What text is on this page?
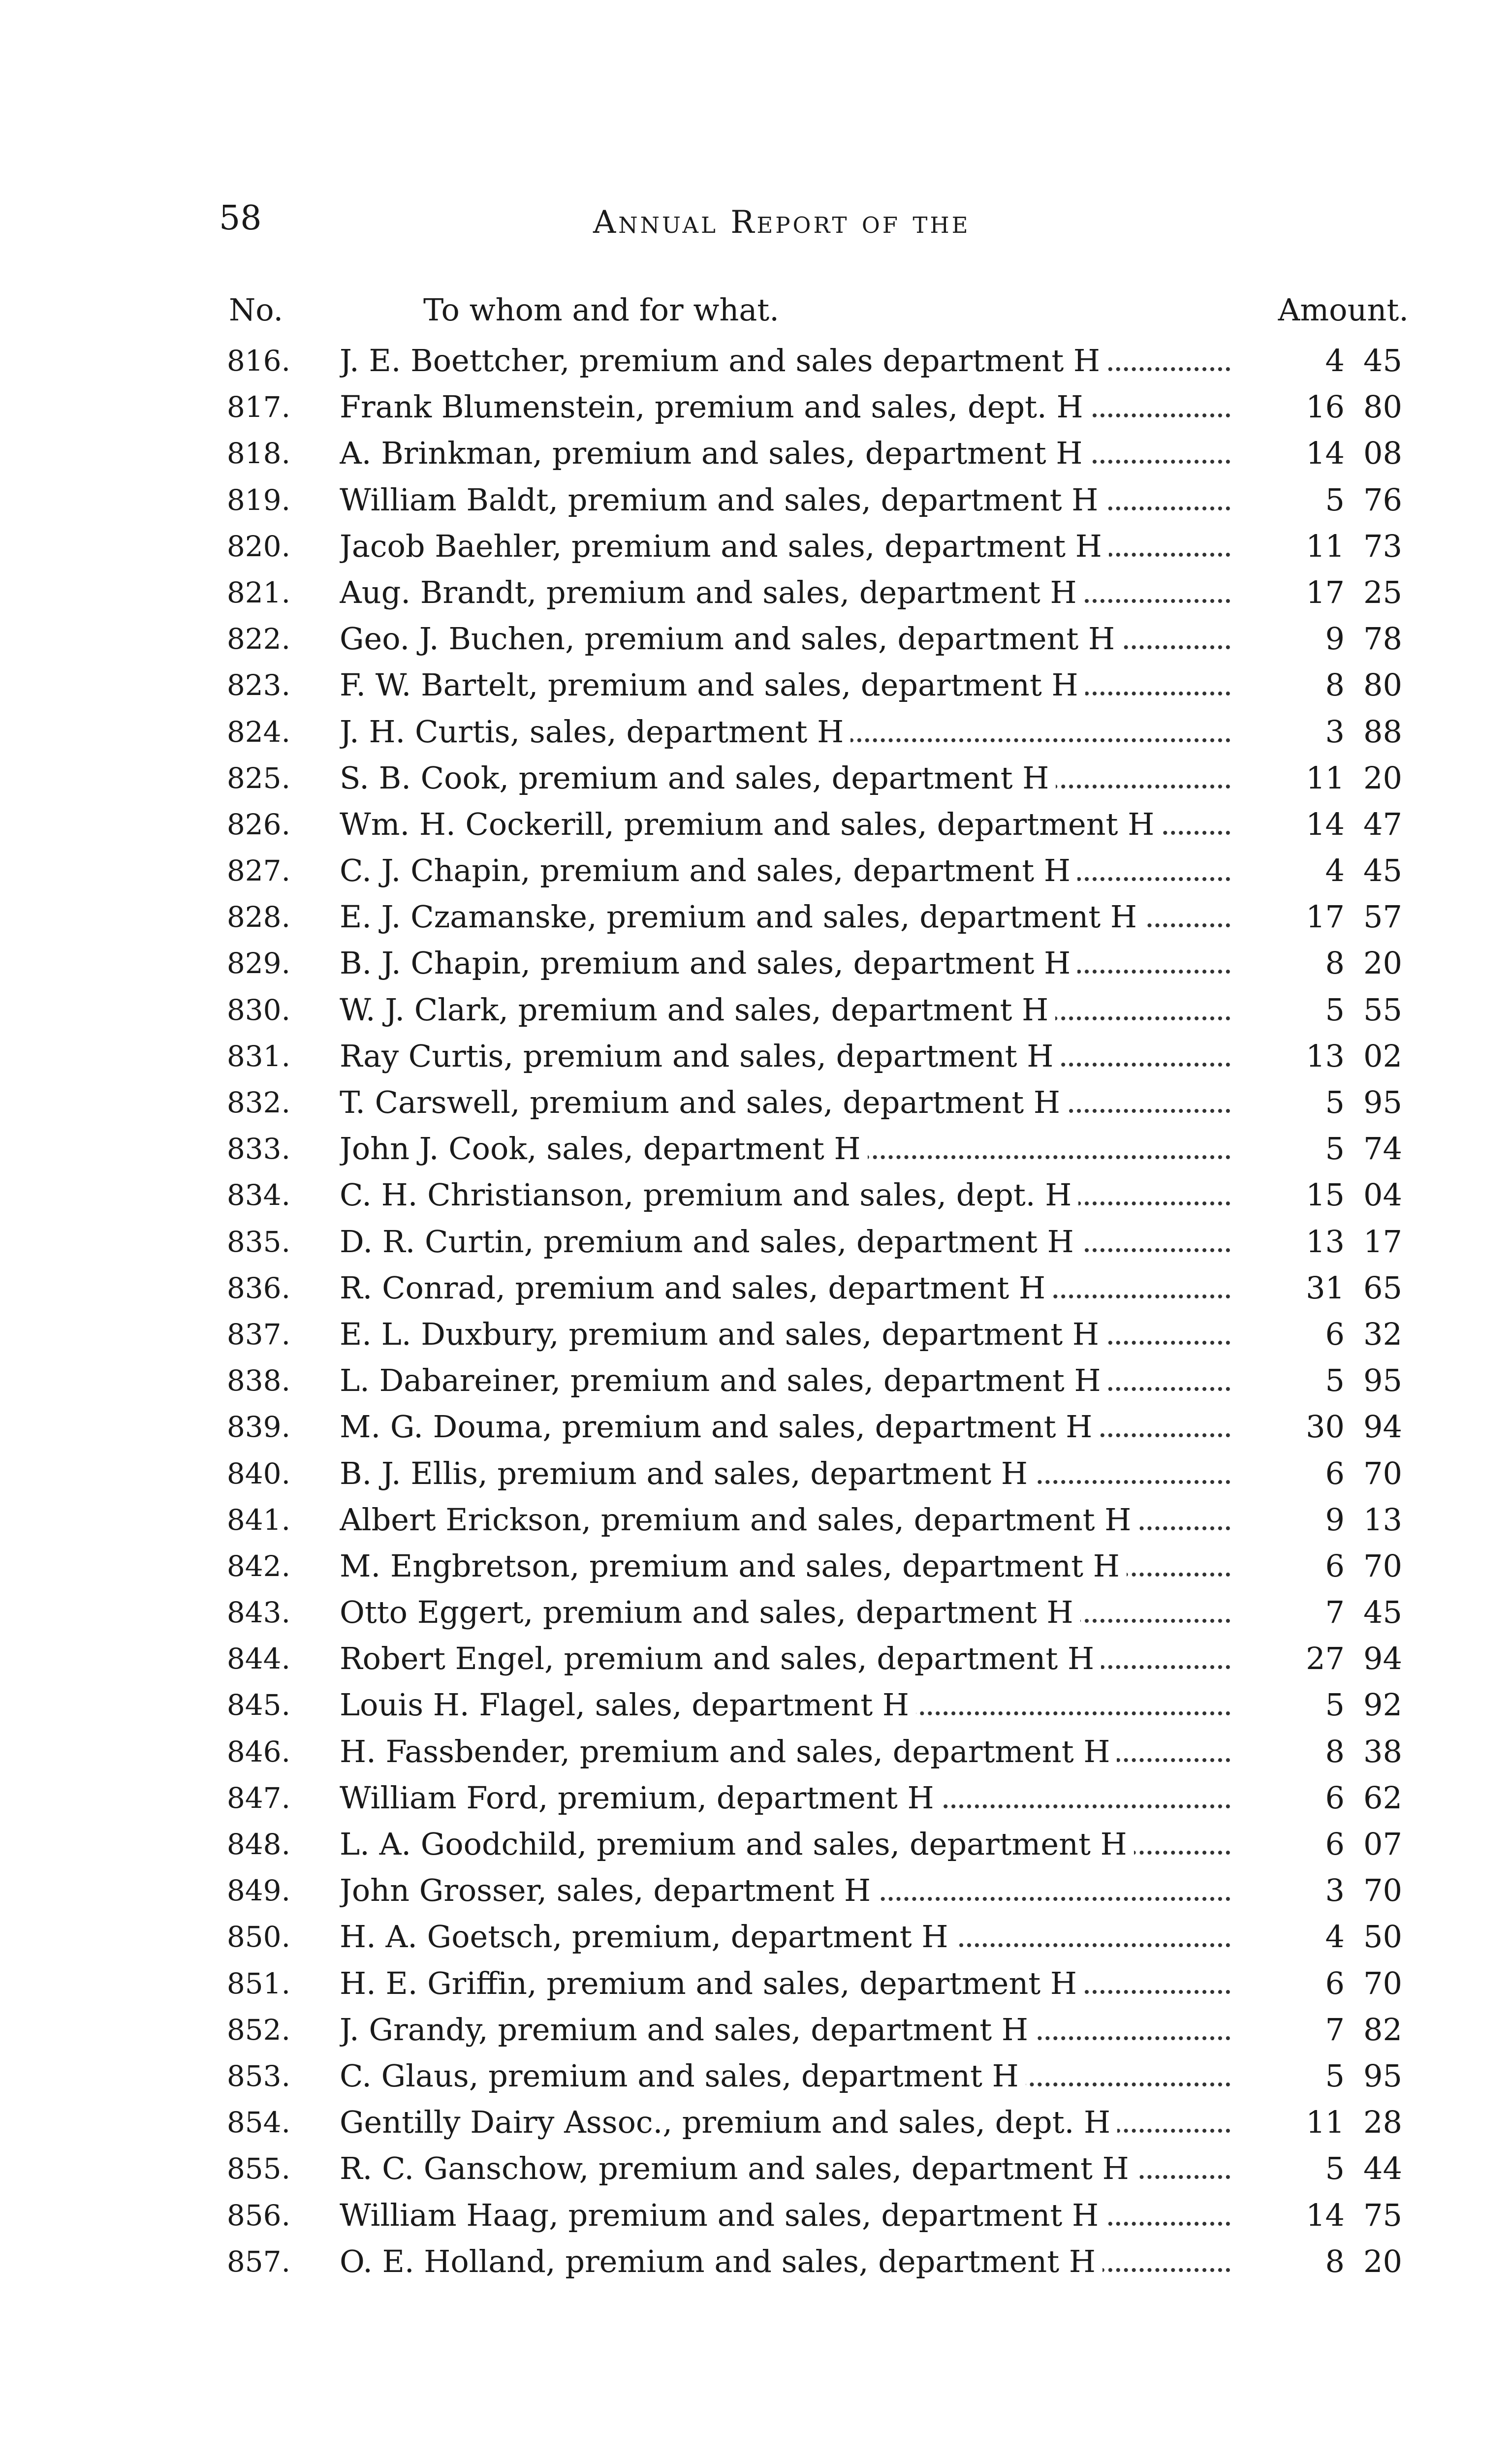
58	Annual Report of the
No.	To whom and for what.	Amount.
816. J. E. Boettcher, premium and sales department H	4 45
817. Frank Blumenstein, premium and sales, dept. H	16 80
818. A. Brinkman, premium and sales, department H	14 08
819. William Baldt, premium and sales, department H	5 76
820. Jacob Baehler, premium and sales, department H	11 73
821. Aug. Brandt, premium and sales, department H	17 25
822. Geo. J. Buchen, premium and sales, department H	9 78
823. F. W. Bartelt, premium and sales, department H	8 80
824. J. H. Curtis, sales, department H	3 88
825. S. B. Cook, premium and sales, department H	11 20
826. Wm. H. Cockerill, premium and sales, department H	14 47
827. C. J. Chapin, premium and sales, department H	4 45
828. E. J. Czamanske, premium and sales, department H	17 57
829. B. J. Chapin, premium and sales, department H	8 20
830. W. J. Clark, premium and sales, department H	5 55
831. Ray Curtis, premium and sales, department H	13 02
832. T. Carswell, premium and sales, department H	5 95
833. John J. Cook, sales, department H	5 74
834. C. H. Christianson, premium and sales, dept. H	15 04
835. D. R. Curtin, premium and sales, department H	13 17
836. R. Conrad, premium and sales, department H	31 65
837. E. L. Duxbury, premium and sales, department H	6 32
838. L. Dabareiner, premium and sales, department H	5 95
839. M. G. Douma, premium and sales, department H	30 94
840. B. J. Ellis, premium and sales, department H	6 70
841. Albert Erickson, premium and sales, department H	9 13
842. M. Engbretson, premium and sales, department H	6 70
843. Otto Eggert, premium and sales, department H	7 45
844. Robert Engel, premium and sales, department H	27 94
845. Louis H. Flagel, sales, department H	5 92
846. H. Fassbender, premium and sales, department H	8 38
847. William Ford, premium, department H	6 62
848. L. A. Goodchild, premium and sales, department H	6 07
849. John Grosser, sales, department H	3 70
850. H. A. Goetsch, premium, department H	4 50
851. H. E. Griffin, premium and sales, department H	6 70
852. J. Grandy, premium and sales, department H	7 82
853. C. Glaus, premium and sales, department H	5 95
854. Gentilly Dairy Assoc., premium and sales, dept. H	11 28
855. R. C. Ganschow, premium and sales, department H	5 44
856. William Haag, premium and sales, department H	14 75
857. O. E. Holland, premium and sales, department H	8 20
